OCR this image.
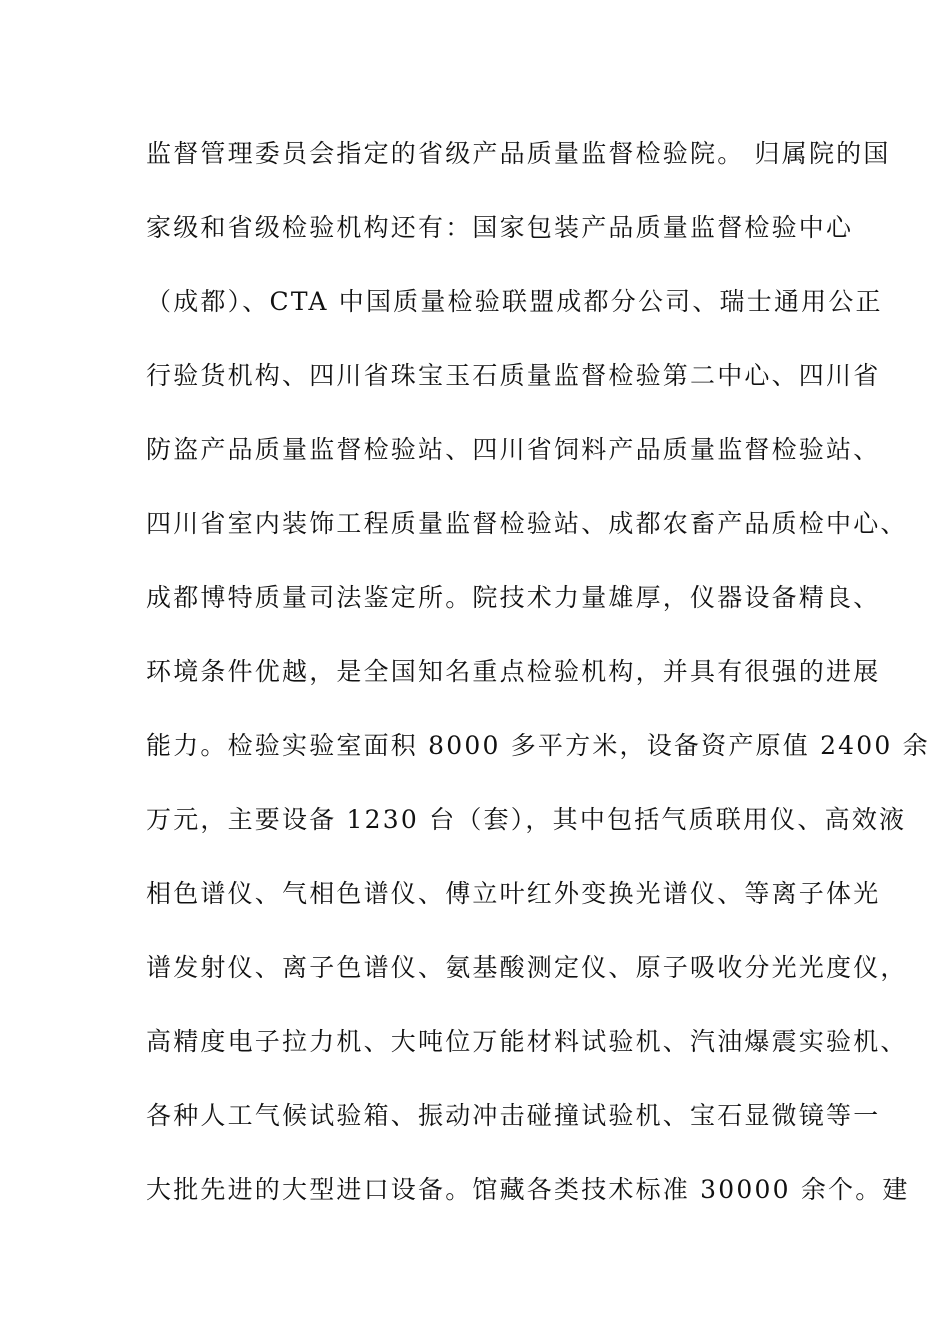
监督管理委员会指定的省级产品质量监督检验院。 归属院的国
家级和省级检验机构还有：国家包装产品质量监督检验中心
（成都）、CTA 中国质量检验联盟成都分公司、瑞士通用公正
行验货机构、四川省珠宝玉石质量监督检验第二中心、四川省
防盗产品质量监督检验站、四川省饲料产品质量监督检验站、
四川省室内装饰工程质量监督检验站、成都农畜产品质检中心、
成都博特质量司法鉴定所。院技术力量雄厚，仪器设备精良、
环境条件优越，是全国知名重点检验机构，并具有很强的进展
能力。检验实验室面积 8000 多平方米，设备资产原值 2400 余
万元，主要设备 1230 台（套），其中包括气质联用仪、高效液
相色谱仪、气相色谱仪、傅立叶红外变换光谱仪、等离子体光
谱发射仪、离子色谱仪、氨基酸测定仪、原子吸收分光光度仪，
高精度电子拉力机、大吨位万能材料试验机、汽油爆震实验机、
各种人工气候试验箱、振动冲击碰撞试验机、宝石显微镜等一
大批先进的大型进口设备。馆藏各类技术标准 30000 余个。建
